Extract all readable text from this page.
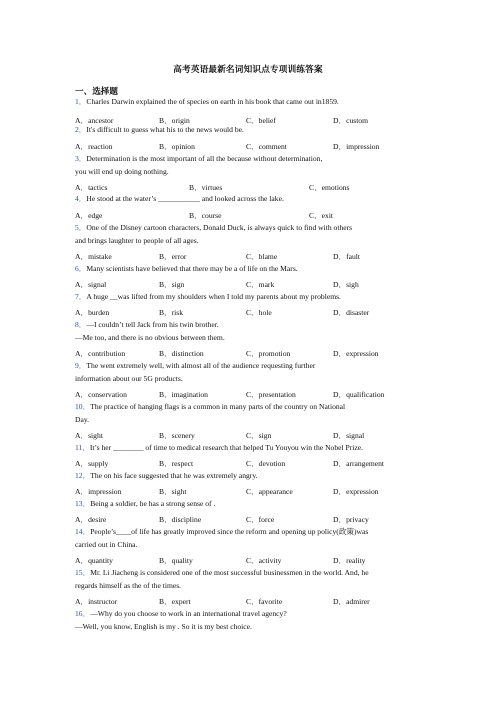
高考英语最新名词知识点专项训练答案
一、选择题
1．Charles Darwin explained the of species on earth in his book that came out in1859.
A．ancestor	B．origin	C．belief	D．custom
2．It's difficult to guess what his to the news would be.
A．reaction	B．opinion	C．comment	D．impression
3．Determination is the most important of all the because without determination,
you will end up doing nothing.
A．tactics	B．virtues	C．emotions
4．He stood at the water’s ___________ and looked across the lake.
A．edge	B．course	C．exit
5．One of the Disney cartoon characters, Donald Duck, is always quick to find with others
and brings laughter to people of all ages.
A．mistake	B．error	C．blame	D．fault
6．Many scientists have believed that there may be a of life on the Mars.
A．signal	B．sign	C．mark	D．sigh
7．A huge __was lifted from my shoulders when I told my parents about my problems.
A．burden	B．risk	C．hole	D．disaster
8．—I couldn’t tell Jack from his twin brother.
—Me too, and there is no obvious between them.
A．contribution	B．distinction	C．promotion	D．expression
9．The went extremely well, with almost all of the audience requesting further
information about our 5G products.
A．conservation	B．imagination	C．presentation	D．qualification
10．The practice of hanging flags is a common in many parts of the country on National
Day.
A．sight	B．scenery	C．sign	D．signal
11．It’s her ________ of time to medical research that helped Tu Youyou win the Nobel Prize.
A．supply	B．respect	C．devotion	D．arrangement
12．The on his face suggested that he was extremely angry.
A．impression	B．sight	C．appearance	D．expression
13．Being a soldier, he has a strong sense of .
A．desire	B．discipline	C．force	D．privacy
14．People’s____of life has greatly improved since the reform and opening up policy(政策)was
carried out in China.
A．quantity	B．quality	C．activity	D．reality
15．Mr. Li Jiacheng is considered one of the most successful businessmen in the world. And, he
regards himself as the of the times.
A．instructor	B．expert	C．favorite	D．admirer
16．—Why do you choose to work in an international travel agency?
—Well, you know, English is my . So it is my best choice.
